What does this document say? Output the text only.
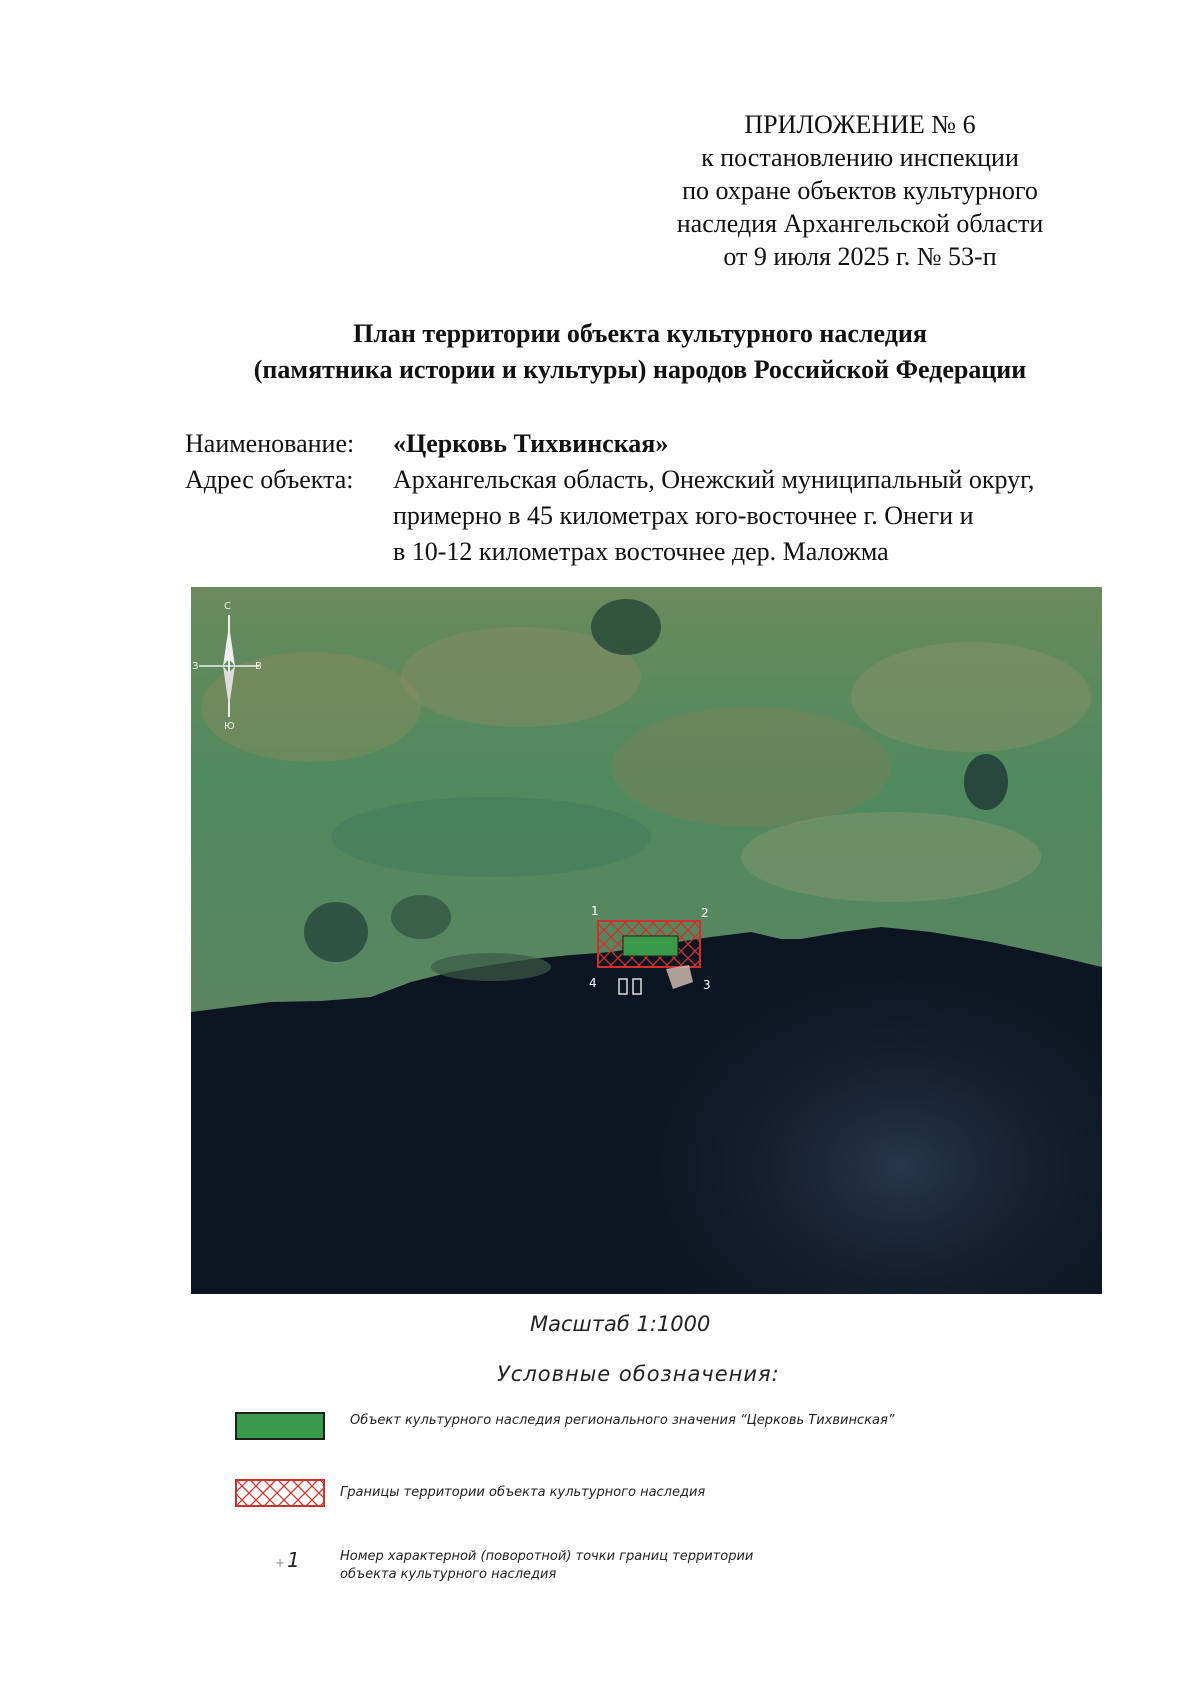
ПРИЛОЖЕНИЕ № 6
к постановлению инспекции
по охране объектов культурного
наследия Архангельской области
от 9 июля 2025 г. № 53-п
План территории объекта культурного наследия
(памятника истории и культуры) народов Российской Федерации
Наименование: «Церковь Тихвинская»
Адрес объекта: Архангельская область, Онежский муниципальный округ,
примерно в 45 километрах юго-восточнее г. Онеги и
в 10-12 километрах восточнее дер. Маложма
С
Ю
З	В
1	2
3
4
Масштаб 1:1000
Условные обозначения:
Объект культурного наследия регионального значения “Церковь Тихвинская”
Границы территории объекта культурного наследия
+ 1	Номер характерной (поворотной) точки границ территории
объекта культурного наследия
